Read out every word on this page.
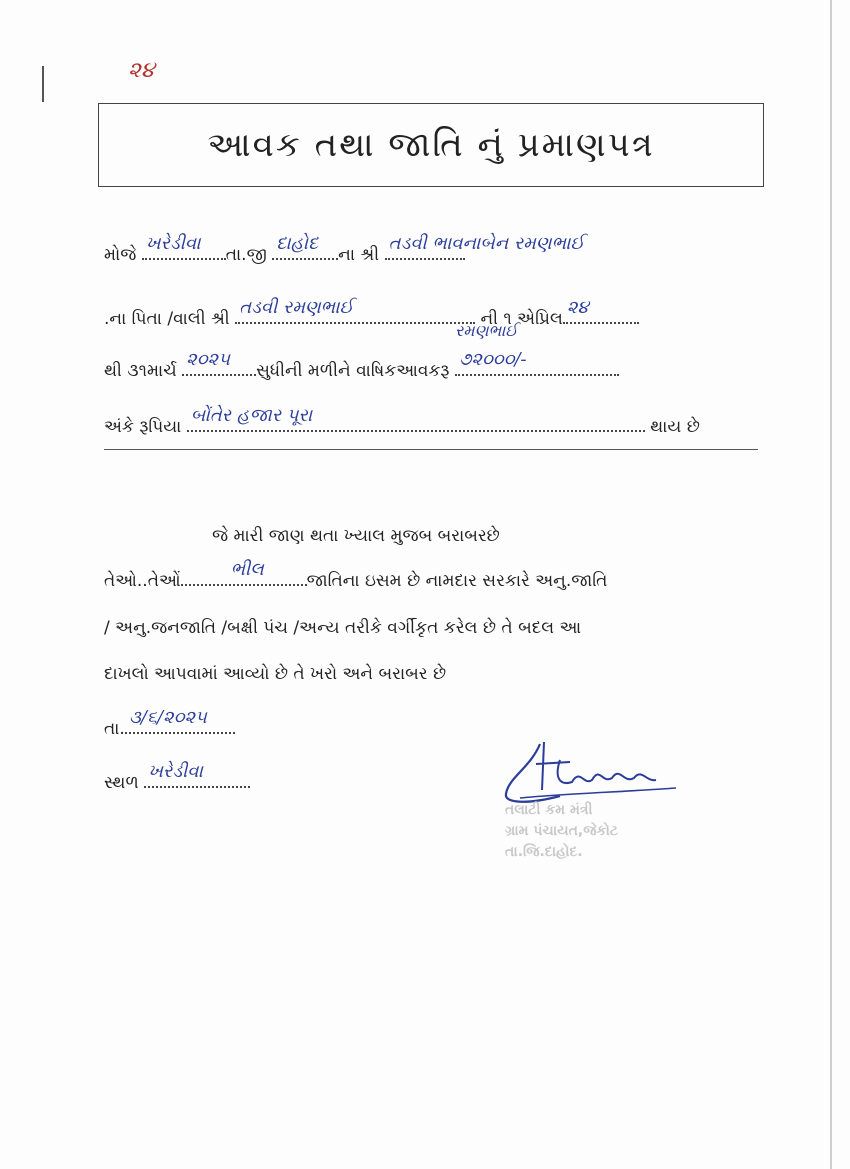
૨૪
આવક તથા જાતિ નું પ્રમાણપત્ર
મોજે
ખરેડીવા
તા.જી
દાહોદ
ના શ્રી
તડવી ભાવનાબેન રમણભાઈ
.ના પિતા /વાલી શ્રી
તડવી રમણભાઈ
ની ૧ એપ્રિલ
૨૪
રમણભાઈ
થી ૩૧માર્ચ
૨૦૨૫
સુધીની મળીને વાષિકઆવકરૂ
૭૨૦૦૦/-
અંકે રૂપિયા
બોંતેર હજાર પૂરા
થાય છે
જે મારી જાણ થતા ખ્યાલ મુજબ બરાબરછે
તેઓ..તેઓં
ભીલ
જાતિના ઇસમ છે નામદાર સરકારે અનુ.જાતિ
/ અનુ.જનજાતિ /બક્ષી પંચ /અન્ય તરીકે વર્ગીકૃત કરેલ છે તે બદલ આ
દાખલો આપવામાં આવ્યો છે તે ખરો અને બરાબર છે
તા.
૩/૬/૨૦૨૫
સ્થળ
ખરેડીવા
તલાટી કમ મંત્રી
ગ્રામ પંચાયત,જેકોટ
તા.જિ.દાહોદ.
